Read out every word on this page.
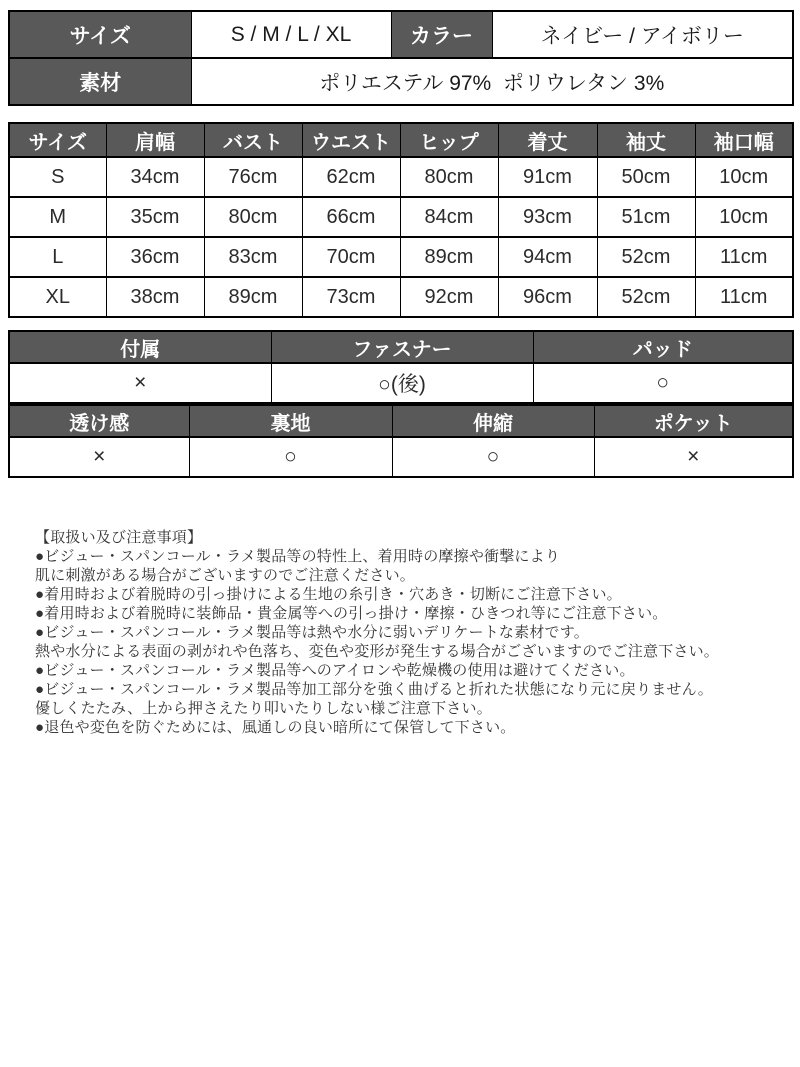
サイズ	S / M / L / XL	カラー	ネイビー / アイボリー
素材	ポリエステル 97%  ポリウレタン 3%		
サイズ	肩幅	バスト	ウエスト	ヒップ	着丈	袖丈	袖口幅
S	34cm	76cm	62cm	80cm	91cm	50cm	10cm
M	35cm	80cm	66cm	84cm	93cm	51cm	10cm
L	36cm	83cm	70cm	89cm	94cm	52cm	11cm
XL	38cm	89cm	73cm	92cm	96cm	52cm	11cm
付属	ファスナー	パッド
×	○(後)	○
透け感	裏地	伸縮	ポケット
×	○	○	×
【取扱い及び注意事項】
●ビジュー・スパンコール・ラメ製品等の特性上、着用時の摩擦や衝撃により
肌に刺激がある場合がございますのでご注意ください。
●着用時および着脱時の引っ掛けによる生地の糸引き・穴あき・切断にご注意下さい。
●着用時および着脱時に装飾品・貴金属等への引っ掛け・摩擦・ひきつれ等にご注意下さい。
●ビジュー・スパンコール・ラメ製品等は熱や水分に弱いデリケートな素材です。
熱や水分による表面の剥がれや色落ち、変色や変形が発生する場合がございますのでご注意下さい。
●ビジュー・スパンコール・ラメ製品等へのアイロンや乾燥機の使用は避けてください。
●ビジュー・スパンコール・ラメ製品等加工部分を強く曲げると折れた状態になり元に戻りません。
優しくたたみ、上から押さえたり叩いたりしない様ご注意下さい。
●退色や変色を防ぐためには、風通しの良い暗所にて保管して下さい。
